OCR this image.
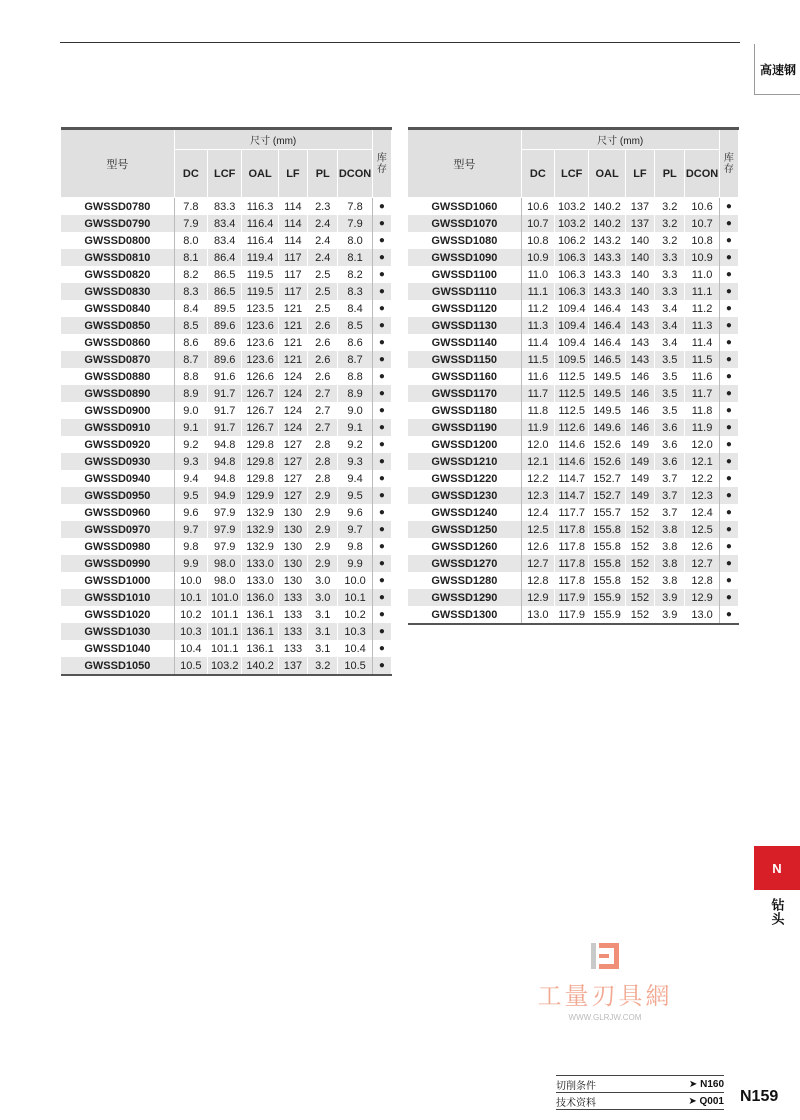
高速钢
N
钻头
型号	尺寸 (mm)						库存
	DC	LCF	OAL	LF	PL	DCON	
GWSSD0780	7.8	83.3	116.3	114	2.3	7.8	●
GWSSD0790	7.9	83.4	116.4	114	2.4	7.9	●
GWSSD0800	8.0	83.4	116.4	114	2.4	8.0	●
GWSSD0810	8.1	86.4	119.4	117	2.4	8.1	●
GWSSD0820	8.2	86.5	119.5	117	2.5	8.2	●
GWSSD0830	8.3	86.5	119.5	117	2.5	8.3	●
GWSSD0840	8.4	89.5	123.5	121	2.5	8.4	●
GWSSD0850	8.5	89.6	123.6	121	2.6	8.5	●
GWSSD0860	8.6	89.6	123.6	121	2.6	8.6	●
GWSSD0870	8.7	89.6	123.6	121	2.6	8.7	●
GWSSD0880	8.8	91.6	126.6	124	2.6	8.8	●
GWSSD0890	8.9	91.7	126.7	124	2.7	8.9	●
GWSSD0900	9.0	91.7	126.7	124	2.7	9.0	●
GWSSD0910	9.1	91.7	126.7	124	2.7	9.1	●
GWSSD0920	9.2	94.8	129.8	127	2.8	9.2	●
GWSSD0930	9.3	94.8	129.8	127	2.8	9.3	●
GWSSD0940	9.4	94.8	129.8	127	2.8	9.4	●
GWSSD0950	9.5	94.9	129.9	127	2.9	9.5	●
GWSSD0960	9.6	97.9	132.9	130	2.9	9.6	●
GWSSD0970	9.7	97.9	132.9	130	2.9	9.7	●
GWSSD0980	9.8	97.9	132.9	130	2.9	9.8	●
GWSSD0990	9.9	98.0	133.0	130	2.9	9.9	●
GWSSD1000	10.0	98.0	133.0	130	3.0	10.0	●
GWSSD1010	10.1	101.0	136.0	133	3.0	10.1	●
GWSSD1020	10.2	101.1	136.1	133	3.1	10.2	●
GWSSD1030	10.3	101.1	136.1	133	3.1	10.3	●
GWSSD1040	10.4	101.1	136.1	133	3.1	10.4	●
GWSSD1050	10.5	103.2	140.2	137	3.2	10.5	●
型号	尺寸 (mm)						库存
	DC	LCF	OAL	LF	PL	DCON	
GWSSD1060	10.6	103.2	140.2	137	3.2	10.6	●
GWSSD1070	10.7	103.2	140.2	137	3.2	10.7	●
GWSSD1080	10.8	106.2	143.2	140	3.2	10.8	●
GWSSD1090	10.9	106.3	143.3	140	3.3	10.9	●
GWSSD1100	11.0	106.3	143.3	140	3.3	11.0	●
GWSSD1110	11.1	106.3	143.3	140	3.3	11.1	●
GWSSD1120	11.2	109.4	146.4	143	3.4	11.2	●
GWSSD1130	11.3	109.4	146.4	143	3.4	11.3	●
GWSSD1140	11.4	109.4	146.4	143	3.4	11.4	●
GWSSD1150	11.5	109.5	146.5	143	3.5	11.5	●
GWSSD1160	11.6	112.5	149.5	146	3.5	11.6	●
GWSSD1170	11.7	112.5	149.5	146	3.5	11.7	●
GWSSD1180	11.8	112.5	149.5	146	3.5	11.8	●
GWSSD1190	11.9	112.6	149.6	146	3.6	11.9	●
GWSSD1200	12.0	114.6	152.6	149	3.6	12.0	●
GWSSD1210	12.1	114.6	152.6	149	3.6	12.1	●
GWSSD1220	12.2	114.7	152.7	149	3.7	12.2	●
GWSSD1230	12.3	114.7	152.7	149	3.7	12.3	●
GWSSD1240	12.4	117.7	155.7	152	3.7	12.4	●
GWSSD1250	12.5	117.8	155.8	152	3.8	12.5	●
GWSSD1260	12.6	117.8	155.8	152	3.8	12.6	●
GWSSD1270	12.7	117.8	155.8	152	3.8	12.7	●
GWSSD1280	12.8	117.8	155.8	152	3.8	12.8	●
GWSSD1290	12.9	117.9	155.9	152	3.9	12.9	●
GWSSD1300	13.0	117.9	155.9	152	3.9	13.0	●
工量刃具網
WWW.GLRJW.COM
切削条件	➤ N160
技术资料	➤ Q001 N159
